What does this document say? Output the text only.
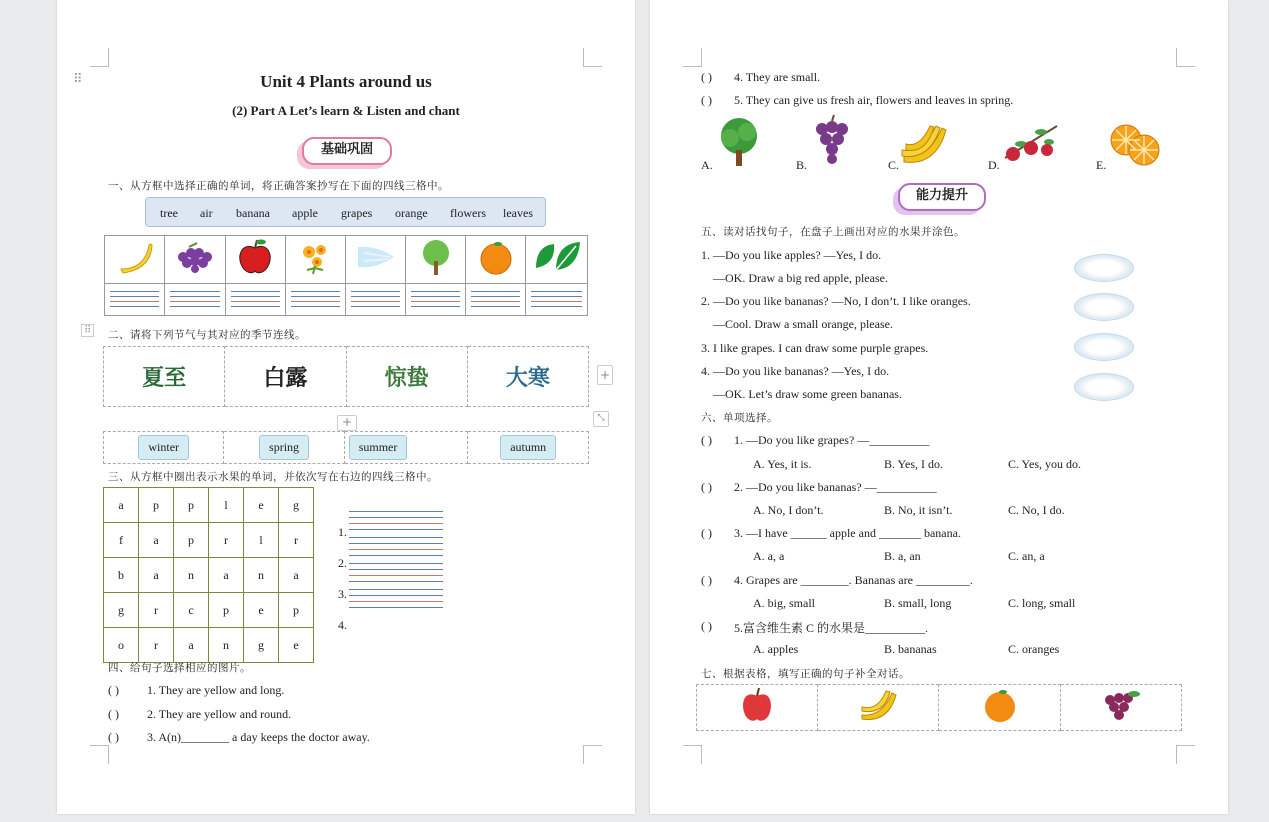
⠿	Unit 4 Plants around us
(2) Part A Let’s learn & Listen and chant
基础巩固
一、从方框中选择正确的单词，将正确答案抄写在下面的四线三格中。
tree air banana apple grapes orange flowers leaves

⠿ 二、请将下列节气与其对应的季节连线。
夏至	白露	惊蛰	大寒	+
+	⤡
winter	spring	summer	autumn
三、从方框中圈出表示水果的单词，并依次写在右边的四线三格中。
a	p	p	l	e	g
f	a	p	r	l	r
b	a	n	a	n	a
g	r	c	p	e	p
o	r	a	n	g	e
1.
2.
3.
4.
四、给句子选择相应的图片。
( ) 1. They are yellow and long.
( ) 2. They are yellow and round.
( ) 3. A(n)________ a day keeps the doctor away.
( ) 4. They are small.
( ) 5. They can give us fresh air, flowers and leaves in spring.
A.	B.	C.	D.	E.
能力提升
五、读对话找句子，在盘子上画出对应的水果并涂色。
1. —Do you like apples? —Yes, I do.
—OK. Draw a big red apple, please.
2. —Do you like bananas? —No, I don’t. I like oranges.
—Cool. Draw a small orange, please.
3. I like grapes. I can draw some purple grapes.
4. —Do you like bananas? —Yes, I do.
—OK. Let’s draw some green bananas.
六、单项选择。
( ) 1. —Do you like grapes? —__________
A. Yes, it is.	B. Yes, I do.	C. Yes, you do.
( ) 2. —Do you like bananas? —__________
A. No, I don’t.	B. No, it isn’t.	C. No, I do.
( ) 3. —I have ______ apple and _______ banana.
A. a, a	B. a, an	C. an, a
( ) 4. Grapes are ________. Bananas are _________.
A. big, small	B. small, long	C. long, small
( ) 5.富含维生素 C 的水果是__________.
A. apples	B. bananas	C. oranges
七、根据表格，填写正确的句子补全对话。
